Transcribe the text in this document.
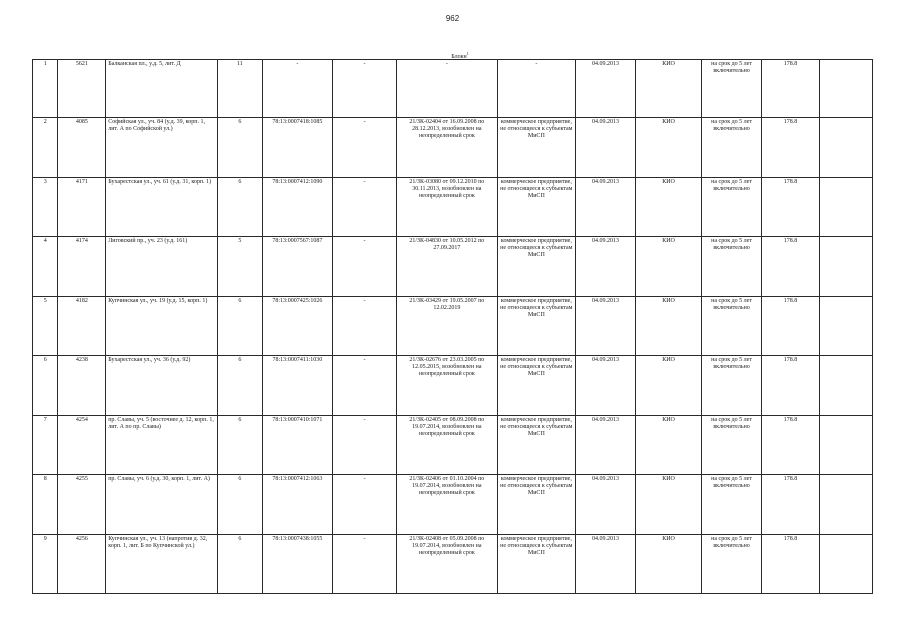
962
Блокн$^1$
1	5621	Балканская пл., у.д. 5, лит. Д	11	-	-	-	-	04.09.2013	КИО	на срок до 5 лет включительно	178.8	
2	4085	Софийская ул., уч. 84 (у.д. 39, корп. 1, лит. А по Софийской ул.)	6	78:13:0007418:1085	-	21/ЗК-02404 от 16.09.2008 по 28.12.2013, возобновлен на неопределенный срок	коммерческое предприятие, не относящееся к субъектам МиСП	04.09.2013	КИО	на срок до 5 лет включительно	178.8	
3	4171	Бухарестская ул., уч. 61 (у.д. 31, корп. 1)	6	78:13:0007412:1090	-	21/ЗК-03080 от 09.12.2010 по 30.11.2013, возобновлен на неопределенный срок	коммерческое предприятие, не относящееся к субъектам МиСП	04.09.2013	КИО	на срок до 5 лет включительно	178.8	
4	4174	Лиговский пр., уч. 23 (у.д. 161)	5	78:13:0007567:1087	-	21/ЗК-04830 от 10.05.2012 по 27.09.2017	коммерческое предприятие, не относящееся к субъектам МиСП	04.09.2013	КИО	на срок до 5 лет включительно	178.8	
5	4182	Купчинская ул., уч. 19 (у.д. 15, корп. 1)	6	78:13:0007425:1026	-	21/ЗК-03429 от 19.05.2007 по 12.02.2019	коммерческое предприятие, не относящееся к субъектам МиСП	04.09.2013	КИО	на срок до 5 лет включительно	178.8	
6	4238	Бухарестская ул., уч. 36 (у.д. 92)	6	78:13:0007411:1030	-	21/ЗК-02676 от 23.03.2005 по 12.05.2015, возобновлен на неопределенный срок	коммерческое предприятие, не относящееся к субъектам МиСП	04.09.2013	КИО	на срок до 5 лет включительно	178.8	
7	4254	пр. Славы, уч. 5 (восточнее д. 12, корп. 1, лит. А по пр. Славы)	6	78:13:0007410:1071	-	21/ЗК-02405 от 08.09.2008 по 19.07.2014, возобновлен на неопределенный срок	коммерческое предприятие, не относящееся к субъектам МиСП	04.09.2013	КИО	на срок до 5 лет включительно	178.8	
8	4255	пр. Славы, уч. 6 (у.д. 30, корп. 1, лит. А)	6	78:13:0007412:1063	-	21/ЗК-02406 от 01.10.2004 по 19.07.2014, возобновлен на неопределенный срок	коммерческое предприятие, не относящееся к субъектам МиСП	04.09.2013	КИО	на срок до 5 лет включительно	178.8	
9	4256	Купчинская ул., уч. 13 (напротив д. 32, корп. 1, лит. Б по Купчинской ул.)	6	78:13:0007438:1055	-	21/ЗК-02408 от 05.09.2008 по 19.07.2014, возобновлен на неопределенный срок	коммерческое предприятие, не относящееся к субъектам МиСП	04.09.2013	КИО	на срок до 5 лет включительно	178.8	
